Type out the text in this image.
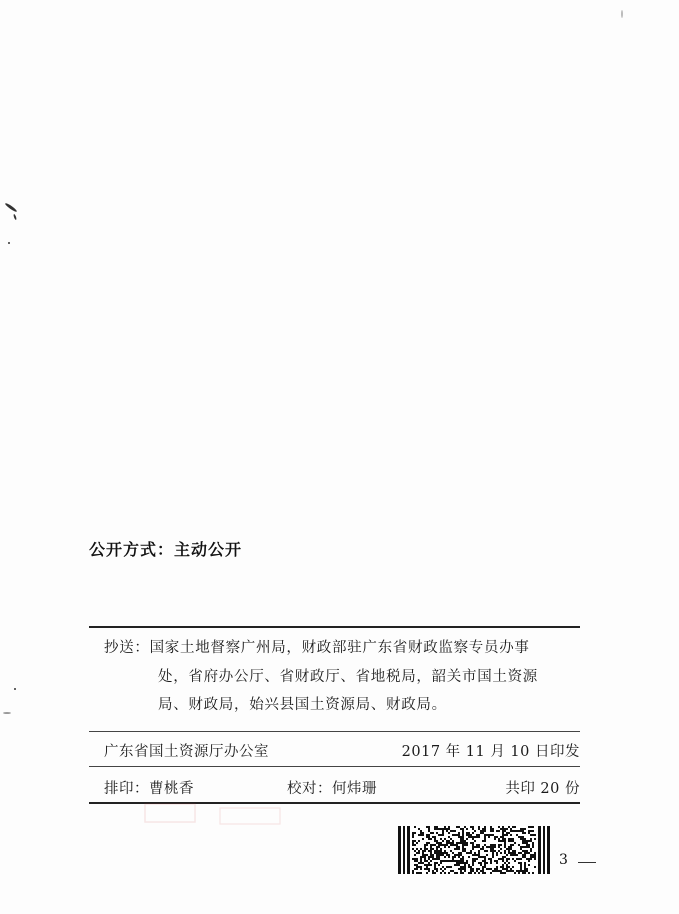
公开方式：主动公开
抄送：国家土地督察广州局，财政部驻广东省财政监察专员办事
处，省府办公厅、省财政厅、省地税局，韶关市国土资源
局、财政局，始兴县国土资源局、财政局。
广东省国土资源厅办公室	2017 年 11 月 10 日印发
排印：曹桃香	校对：何炜珊	共印 20 份
3
